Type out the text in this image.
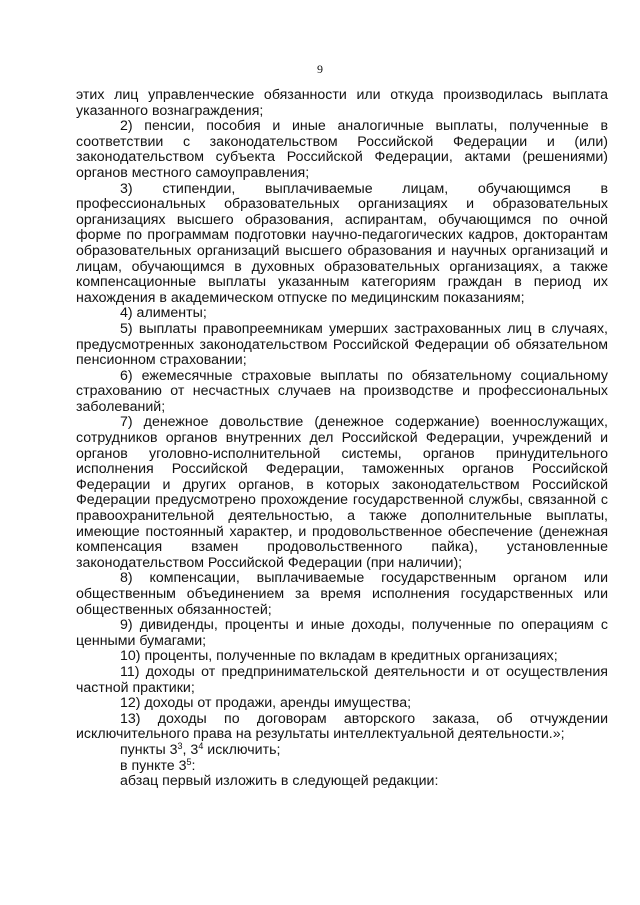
9

этих лиц управленческие обязанности или откуда производилась выплата указанного вознаграждения;

2) пенсии, пособия и иные аналогичные выплаты, полученные в соответствии с законодательством Российской Федерации и (или) законодательством субъекта Российской Федерации, актами (решениями) органов местного самоуправления;

3) стипендии, выплачиваемые лицам, обучающимся в профессиональных образовательных организациях и образовательных организациях высшего образования, аспирантам, обучающимся по очной форме по программам подготовки научно-педагогических кадров, докторантам образовательных организаций высшего образования и научных организаций и лицам, обучающимся в духовных образовательных организациях, а также компенсационные выплаты указанным категориям граждан в период их нахождения в академическом отпуске по медицинским показаниям;

4) алименты;

5) выплаты правопреемникам умерших застрахованных лиц в случаях, предусмотренных законодательством Российской Федерации об обязательном пенсионном страховании;

6) ежемесячные страховые выплаты по обязательному социальному страхованию от несчастных случаев на производстве и профессиональных заболеваний;

7) денежное довольствие (денежное содержание) военнослужащих, сотрудников органов внутренних дел Российской Федерации, учреждений и органов уголовно-исполнительной системы, органов принудительного исполнения Российской Федерации, таможенных органов Российской Федерации и других органов, в которых законодательством Российской Федерации предусмотрено прохождение государственной службы, связанной с правоохранительной деятельностью, а также дополнительные выплаты, имеющие постоянный характер, и продовольственное обеспечение (денежная компенсация взамен продовольственного пайка), установленные законодательством Российской Федерации (при наличии);

8) компенсации, выплачиваемые государственным органом или общественным объединением за время исполнения государственных или общественных обязанностей;

9) дивиденды, проценты и иные доходы, полученные по операциям с ценными бумагами;

10) проценты, полученные по вкладам в кредитных организациях;

11) доходы от предпринимательской деятельности и от осуществления частной практики;

12) доходы от продажи, аренды имущества;

13) доходы по договорам авторского заказа, об отчуждении исключительного права на результаты интеллектуальной деятельности.»;

пункты $3^3$, $3^4$ исключить;

в пункте $3^5$:

абзац первый изложить в следующей редакции:
